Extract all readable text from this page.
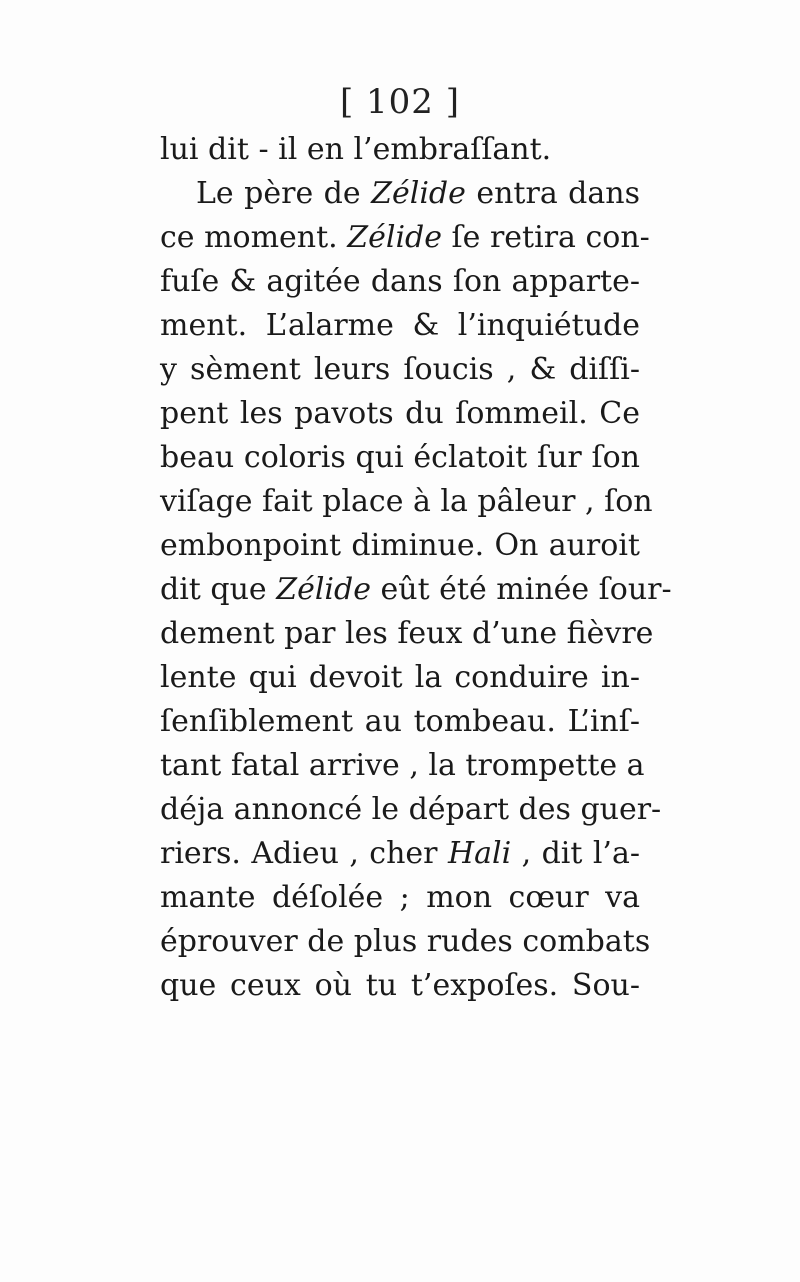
[ 102 ]
lui dit - il en l’embraſſant.
Le père de Zélide entra dans
ce moment. Zélide ſe retira con-
fuſe & agitée dans ſon apparte-
ment. L’alarme & l’inquiétude
y sèment leurs ſoucis , & diſſi-
pent les pavots du ſommeil. Ce
beau coloris qui éclatoit ſur ſon
viſage fait place à la pâleur , ſon
embonpoint diminue. On auroit
dit que Zélide eût été minée ſour-
dement par les feux d’une fièvre
lente qui devoit la conduire in-
ſenſiblement au tombeau. L’inſ-
tant fatal arrive , la trompette a
déja annoncé le départ des guer-
riers. Adieu , cher Hali , dit l’a-
mante déſolée ; mon cœur va
éprouver de plus rudes combats
que ceux où tu t’expoſes. Sou-
